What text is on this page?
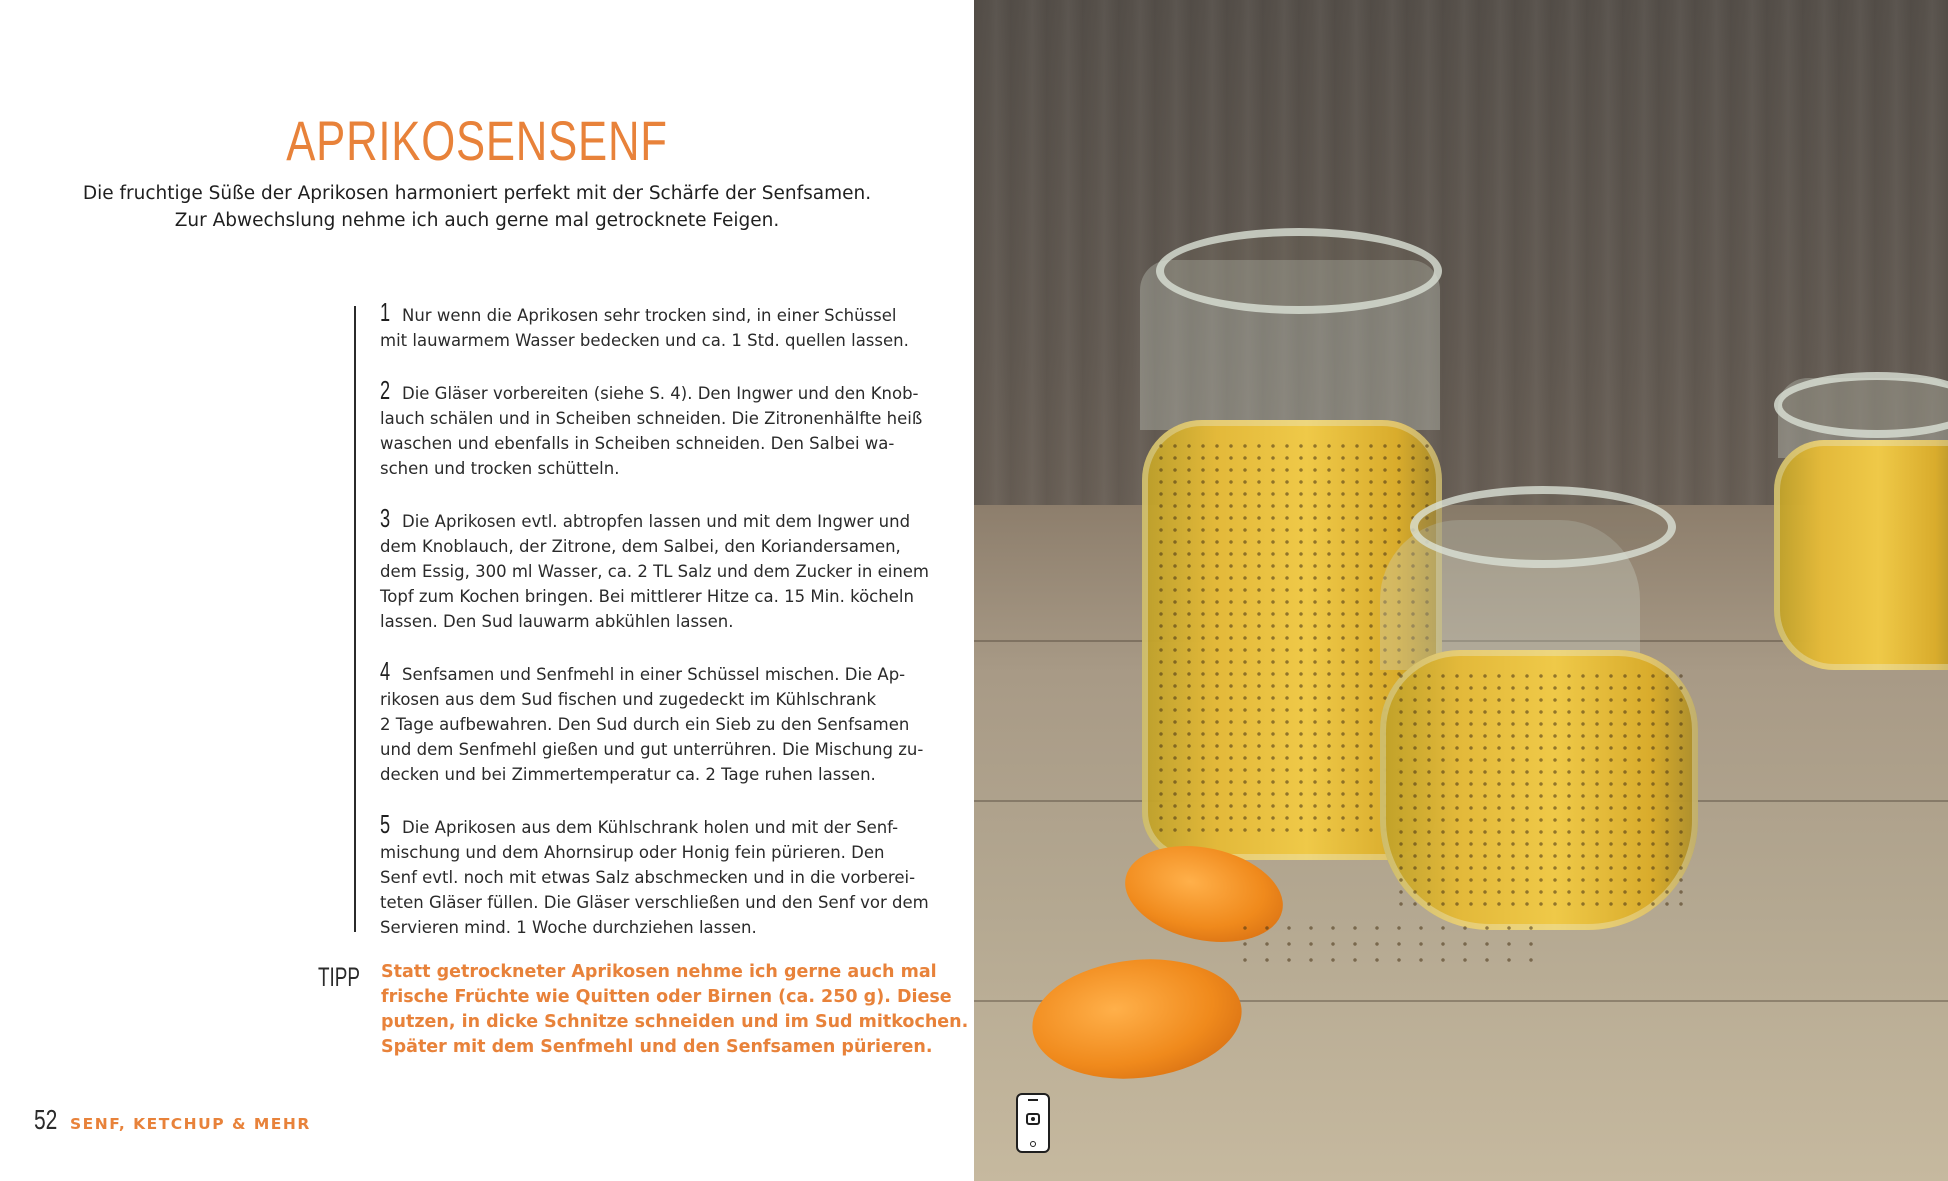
APRIKOSENSENF
Die fruchtige Süße der Aprikosen harmoniert perfekt mit der Schärfe der Senfsamen.
Zur Abwechslung nehme ich auch gerne mal getrocknete Feigen.
1 Nur wenn die Aprikosen sehr trocken sind, in einer Schüssel
mit lauwarmem Wasser bedecken und ca. 1 Std. quellen lassen.
2 Die Gläser vorbereiten (siehe S. 4). Den Ingwer und den Knob-
lauch schälen und in Scheiben schneiden. Die Zitronenhälfte heiß
waschen und ebenfalls in Scheiben schneiden. Den Salbei wa-
schen und trocken schütteln.
3 Die Aprikosen evtl. abtropfen lassen und mit dem Ingwer und
dem Knoblauch, der Zitrone, dem Salbei, den Koriandersamen,
dem Essig, 300 ml Wasser, ca. 2 TL Salz und dem Zucker in einem
Topf zum Kochen bringen. Bei mittlerer Hitze ca. 15 Min. köcheln
lassen. Den Sud lauwarm abkühlen lassen.
4 Senfsamen und Senfmehl in einer Schüssel mischen. Die Ap-
rikosen aus dem Sud fischen und zugedeckt im Kühlschrank
2 Tage aufbewahren. Den Sud durch ein Sieb zu den Senfsamen
und dem Senfmehl gießen und gut unterrühren. Die Mischung zu-
decken und bei Zimmertemperatur ca. 2 Tage ruhen lassen.
5 Die Aprikosen aus dem Kühlschrank holen und mit der Senf-
mischung und dem Ahornsirup oder Honig fein pürieren. Den
Senf evtl. noch mit etwas Salz abschmecken und in die vorberei-
teten Gläser füllen. Die Gläser verschließen und den Senf vor dem
Servieren mind. 1 Woche durchziehen lassen.
TIPP Statt getrockneter Aprikosen nehme ich gerne auch mal
frische Früchte wie Quitten oder Birnen (ca. 250 g). Diese
putzen, in dicke Schnitze schneiden und im Sud mitkochen.
Später mit dem Senfmehl und den Senfsamen pürieren.
52 SENF, KETCHUP & MEHR
